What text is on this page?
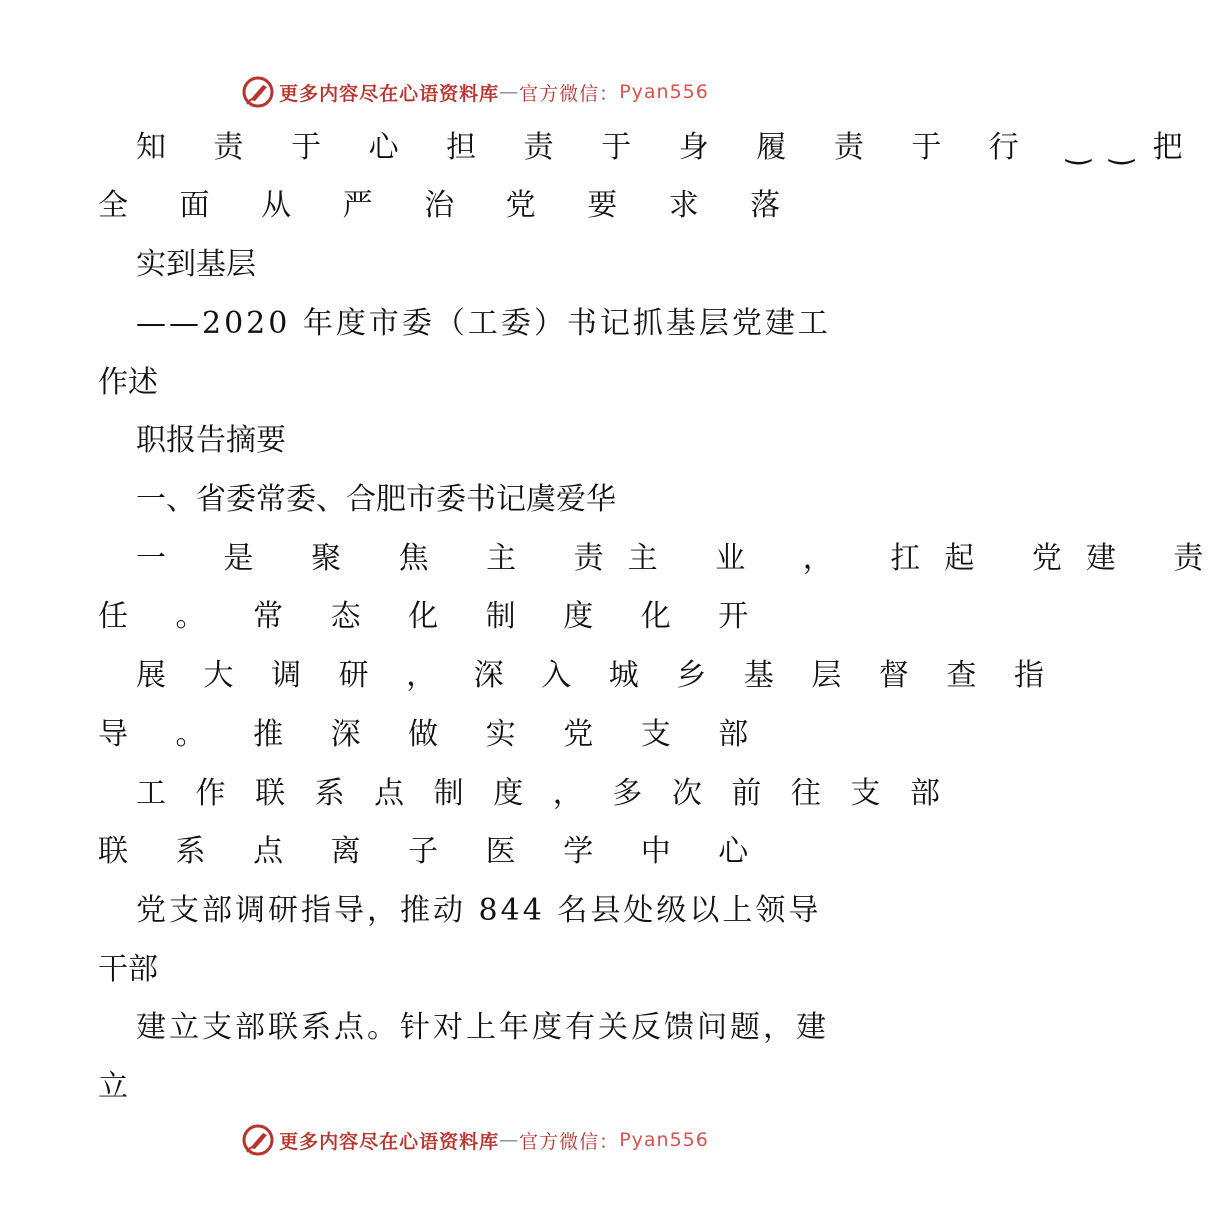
更多内容尽在心语资料库 — 官方微信： Pyan556
知 责 于 心 担 责 于 身 履 责 于 行 ‿‿把
全 面 从 严 治 党 要 求 落
实到基层
——2020 年度市委（工委）书记抓基层党建工
作述
职报告摘要
一、省委常委、合肥市委书记虞爱华
一 是 聚 焦 主 责主 业 ， 扛起 党建 责
任 。 常 态 化 制 度 化 开
展 大 调 研 ， 深 入 城 乡 基 层 督 查 指
导 。 推 深 做 实 党 支 部
工 作 联 系 点 制 度 ， 多 次 前 往 支 部
联 系 点 离 子 医 学 中 心
党支部调研指导，推动 844 名县处级以上领导
干部
建立支部联系点。针对上年度有关反馈问题，建
立
更多内容尽在心语资料库 — 官方微信： Pyan556
